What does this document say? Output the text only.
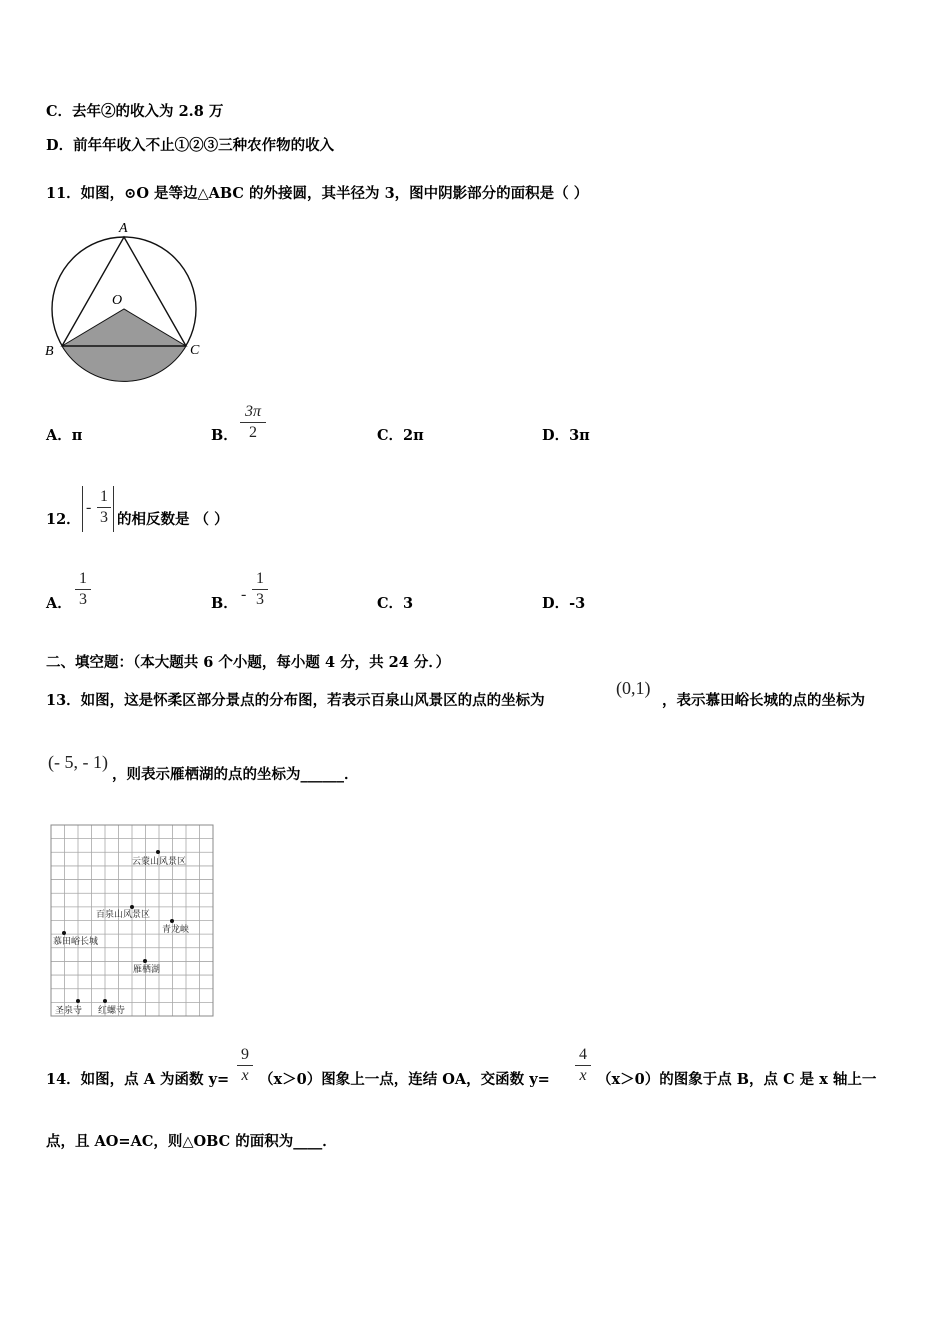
C．去年②的收入为 2.8 万
D．前年年收入不止①②③三种农作物的收入
11．如图，⊙O 是等边△ABC 的外接圆，其半径为 3，图中阴影部分的面积是（ ）
A
O
B	C
A．π	B．
3π
2	C．2π	D．3π
12．
-
1
3 的相反数是 （ ）
A．
1
3	B．
-
1
3	C．3	D．-3
二、填空题：（本大题共 6 个小题，每小题 4 分，共 24 分．）
13．如图，这是怀柔区部分景点的分布图，若表示百泉山风景区的点的坐标为
(0,1)
，表示慕田峪长城的点的坐标为
(- 5, - 1)
，则表示雁栖湖的点的坐标为______．
云蒙山风景区
百泉山风景区
青龙峡
慕田峪长城
雁栖湖
圣泉寺 红螺寺
14．如图，点 A 为函数 y=
9
x （x＞0）图象上一点，连结 OA，交函数 y=
4
x （x＞0）的图象于点 B，点 C 是 x 轴上一
点，且 AO=AC，则△OBC 的面积为____．
